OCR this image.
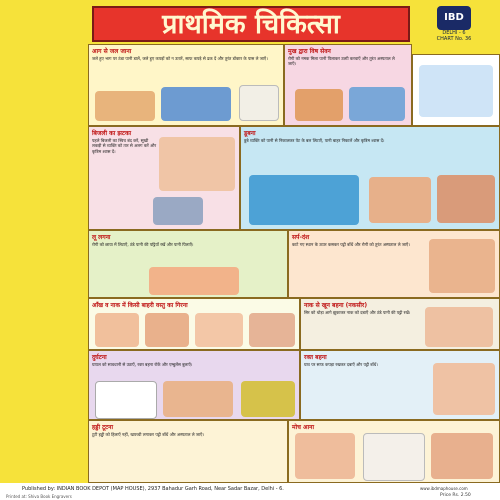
प्राथमिक चिकित्सा	IBD
DELHI - 6
CHART No. 36
आग से जल जाना
जले हुए भाग पर ठंडा पानी डालें, जले हुए कपड़ों को न उतारें, साफ कपड़े से ढक दें और तुरंत डॉक्टर के पास ले जाएँ।
मुख द्वारा विष सेवन
रोगी को नमक मिला पानी पिलाकर उल्टी करवाएँ और तुरंत अस्पताल ले जाएँ।
बिजली का झटका
पहले बिजली का स्विच बंद करें, सूखी लकड़ी से व्यक्ति को तार से अलग करें और कृत्रिम श्वास दें।
डूबना
डूबे व्यक्ति को पानी से निकालकर पेट के बल लिटाएँ, पानी बाहर निकालें और कृत्रिम श्वास दें।
लू लगना
रोगी को छाया में लिटाएँ, ठंडे पानी की पट्टियाँ रखें और पानी पिलाएँ।
सर्प-दंश
काटे गए स्थान के ऊपर कसकर पट्टी बाँधें और रोगी को तुरंत अस्पताल ले जाएँ।
आँख व नाक में किसी बाहरी वस्तु का गिरना	नाक से खून बहना (नकसीर)
सिर को थोड़ा आगे झुकाकर नाक को दबाएँ और ठंडे पानी की पट्टी रखें।
दुर्घटना
घायल को सावधानी से उठाएँ, रक्त बहना रोकें और एम्बुलेंस बुलाएँ।
रक्त बहना
घाव पर साफ कपड़ा रखकर दबाएँ और पट्टी बाँधें।
हड्डी टूटना
टूटी हड्डी को हिलाएँ नहीं, खपच्ची लगाकर पट्टी बाँधें और अस्पताल ले जाएँ।
मोच आना
Published by: INDIAN BOOK DEPOT (MAP HOUSE), 2937 Bahadur Garh Road, Near Sadar Bazar, Delhi - 6.
Printed at: Shiva Book Engravers
www.ibdmaphouse.com
Price Rs. 2.50
